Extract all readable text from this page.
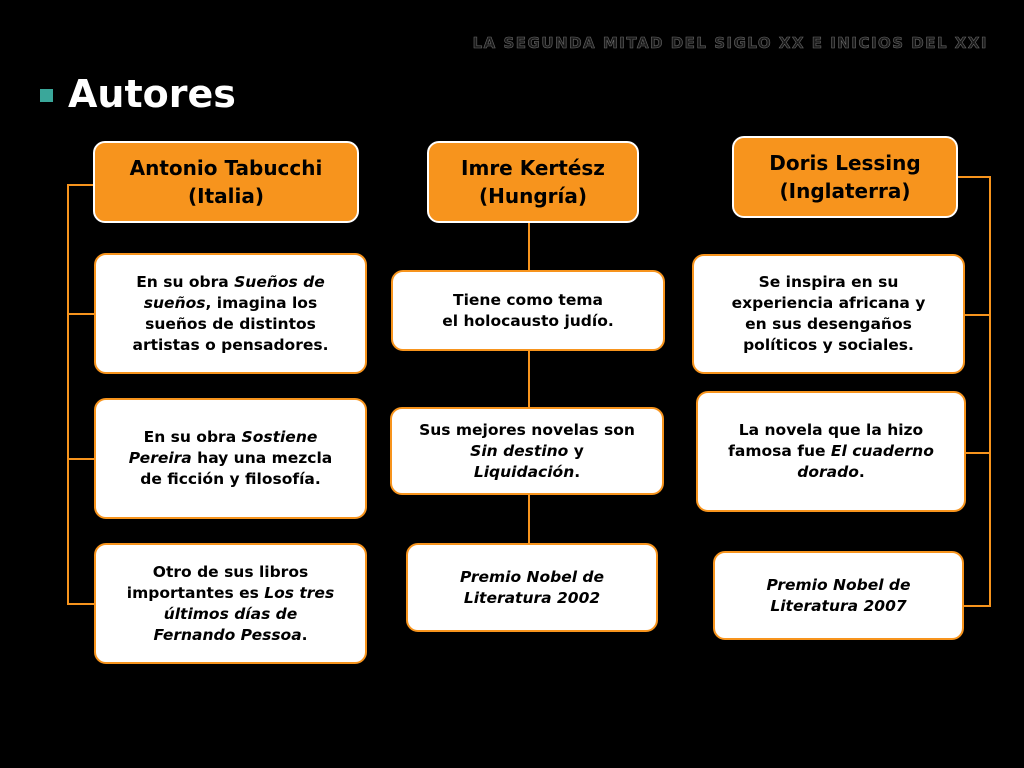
LA SEGUNDA MITAD DEL SIGLO XX E INICIOS DEL XXI
Autores
Antonio Tabucchi
(Italia)
Imre Kertész
(Hungría)
Doris Lessing
(Inglaterra)
En su obra Sueños de
sueños, imagina los
sueños de distintos
artistas o pensadores.
En su obra Sostiene
Pereira hay una mezcla
de ficción y filosofía.
Otro de sus libros
importantes es Los tres
últimos días de
Fernando Pessoa.
Tiene como tema
el holocausto judío.
Sus mejores novelas son
Sin destino y
Liquidación.
Premio Nobel de
Literatura 2002
Se inspira en su
experiencia africana y
en sus desengaños
políticos y sociales.
La novela que la hizo
famosa fue El cuaderno
dorado.
Premio Nobel de
Literatura 2007
